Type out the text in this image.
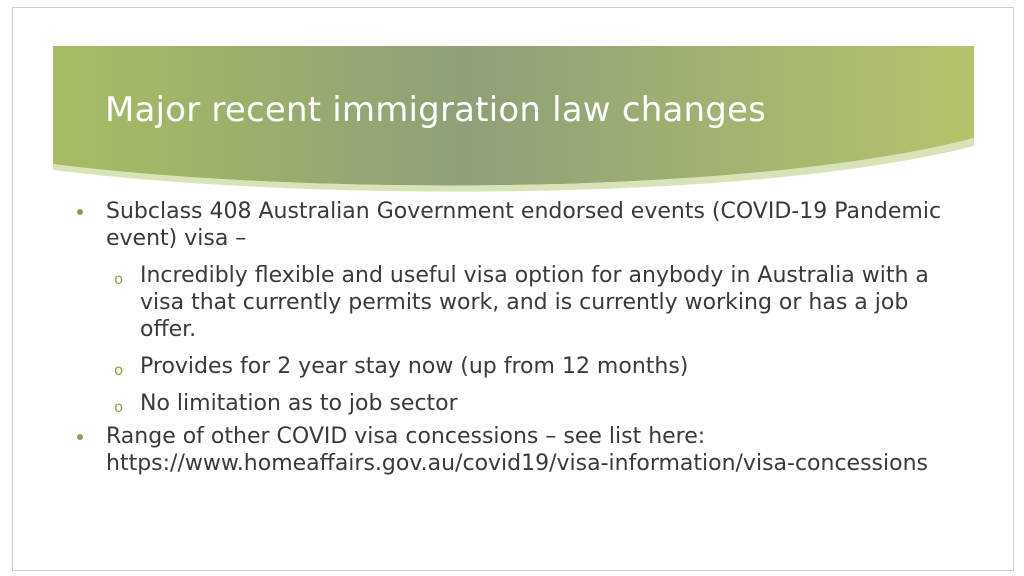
Major recent immigration law changes
Subclass 408 Australian Government endorsed events (COVID-19 Pandemic event) visa –
o Incredibly flexible and useful visa option for anybody in Australia with a visa that currently permits work, and is currently working or has a job offer.
o Provides for 2 year stay now (up from 12 months)
o No limitation as to job sector
Range of other COVID visa concessions – see list here: https://www.homeaffairs.gov.au/covid19/visa-information/visa-concessions
